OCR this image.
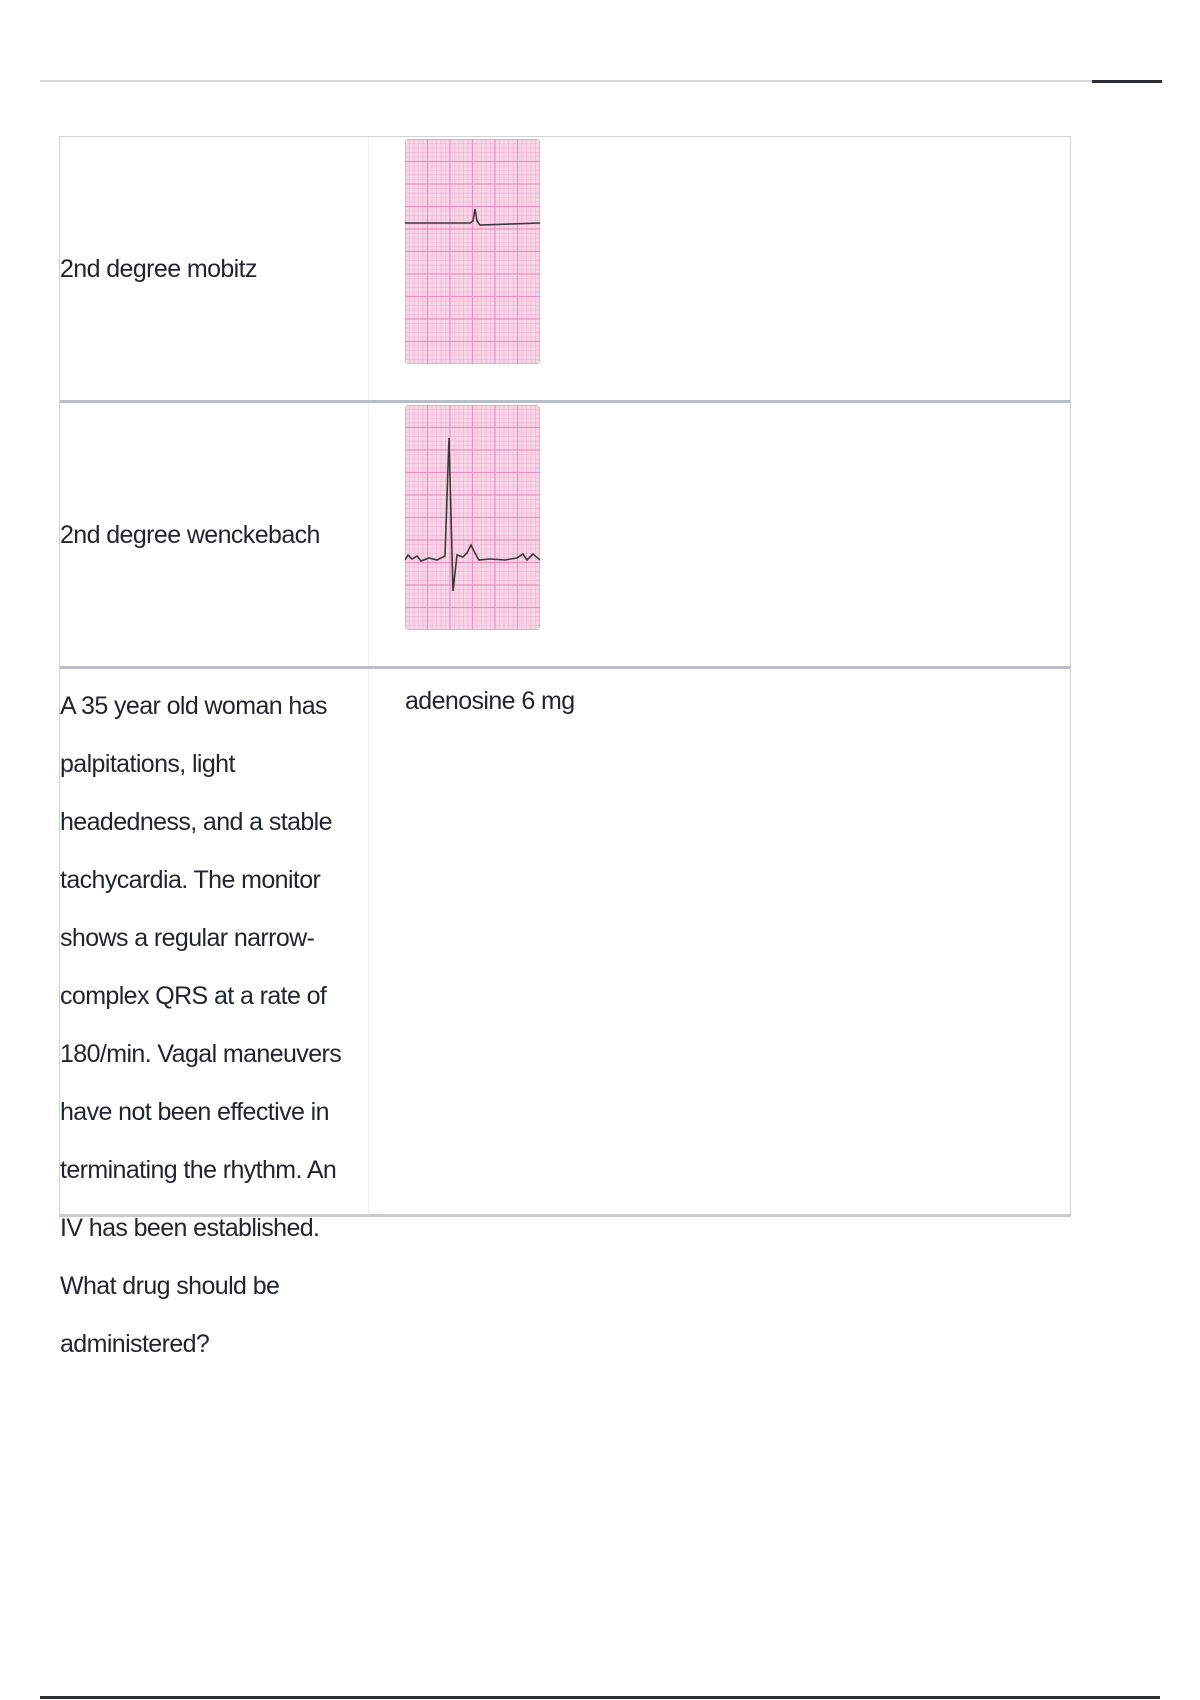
2nd degree mobitz
2nd degree wenckebach
A 35 year old woman has palpitations, light headedness, and a stable tachycardia. The monitor shows a regular narrow-complex QRS at a rate of 180/min. Vagal maneuvers have not been effective in terminating the rhythm. An IV has been established. What drug should be administered?
adenosine 6 mg
